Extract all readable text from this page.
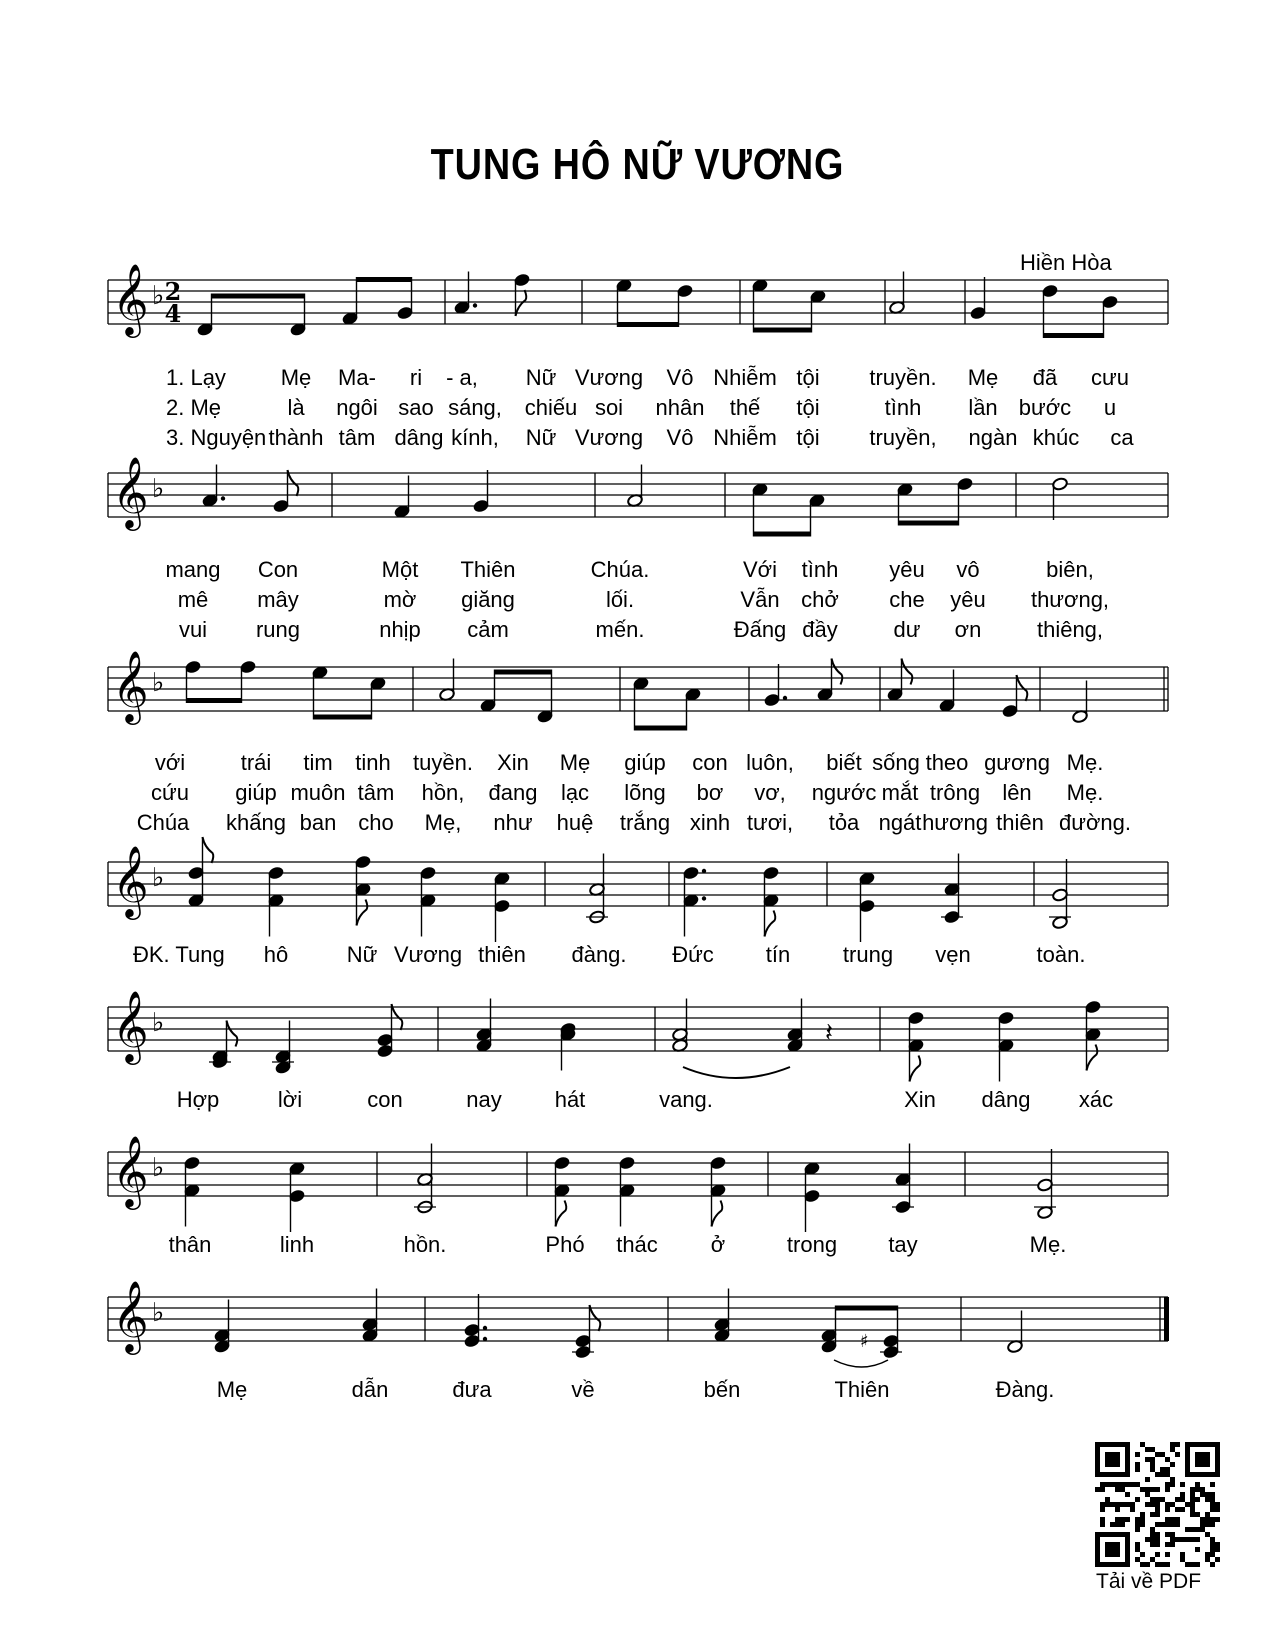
TUNG HÔ NỮ VƯƠNG
Hiền Hòa
𝄞 ♭
𝄞 ♭
𝄞 ♭
𝄞 ♭
𝄞 ♭
𝄞 ♭
𝄞 ♭
2
4
𝄽
♯
1. Lạy Mẹ Ma- ri - a, Nữ Vương Vô Nhiễm tội truyền. Mẹ đã cưu
2. Mẹ	là ngôi sao sáng, chiếu soi nhân thế tội	tình lần bước u
3. Nguyện thành tâm dâng kính, Nữ Vương Vô Nhiễm tội truyền, ngàn khúc ca
mang Con	Một Thiên	Chúa.	Với tình yêu vô	biên,
mê mây	mờ giăng	lối.	Vẫn chở che yêu thương,
vui rung	nhịp cảm	mến.	Đấng đầy	dư ơn	thiêng,
với	trái tim tinh tuyền. Xin Mẹ giúp con luôn, biết sống theo gương Mẹ.
cứu giúp muôn tâm hồn, đang lạc lõng bơ vơ, ngước mắt trông lên Mẹ.
Chúa khấng ban cho Mẹ, như huệ trắng xinh tươi, tỏa ngát hương thiên đường.
ĐK. Tung hô	Nữ Vương thiên đàng. Đức tín trung vẹn	toàn.
Hợp	lời	con	nay hát	vang.	Xin dâng xác
thân	linh	hồn.	Phó thác ở	trong tay	Mẹ.
Mẹ	dẫn	đưa	về	bến	Thiên	Đàng.
Tải về PDF
